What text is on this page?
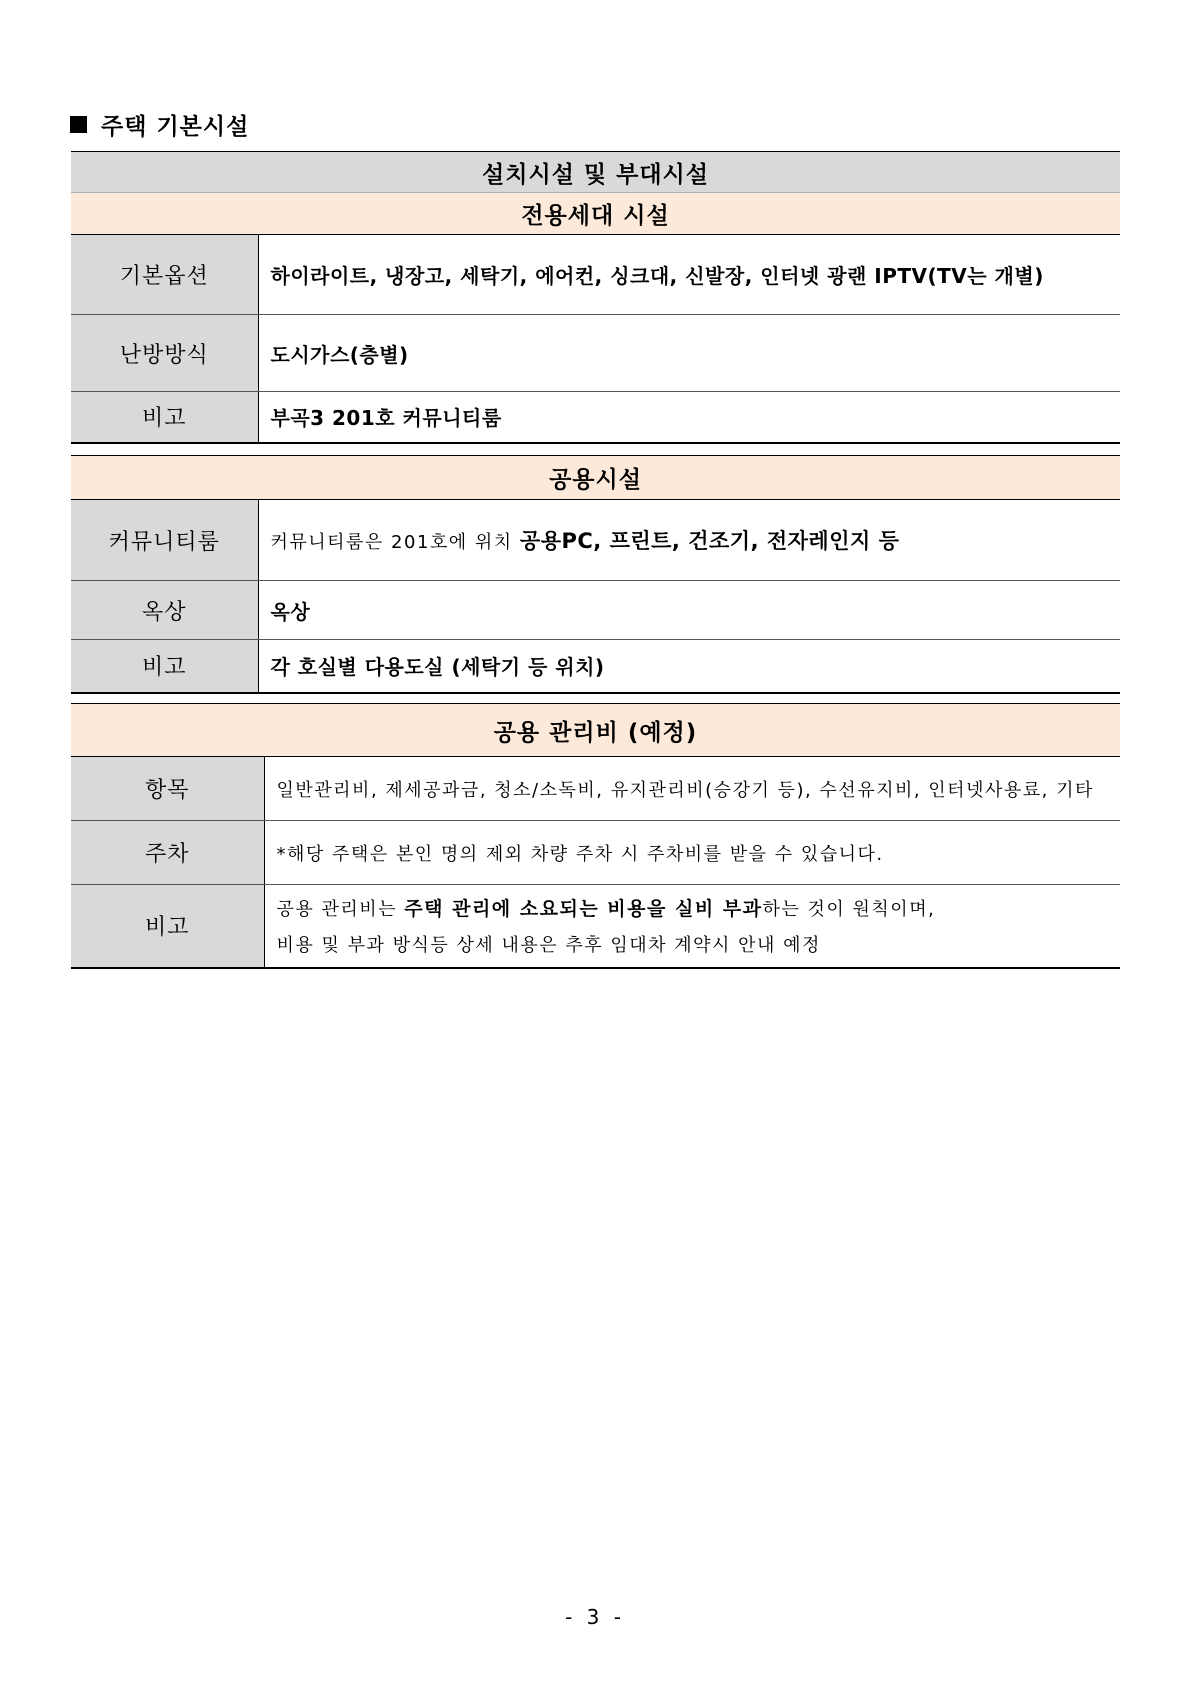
주택 기본시설
설치시설 및 부대시설	
전용세대 시설	
기본옵션	하이라이트, 냉장고, 세탁기, 에어컨, 싱크대, 신발장, 인터넷 광랜 IPTV(TV는 개별)
난방방식	도시가스(층별)
비고	부곡3 201호 커뮤니티룸
공용시설	
커뮤니티룸	커뮤니티룸은 201호에 위치 공용PC, 프린트, 건조기, 전자레인지 등
옥상	옥상
비고	각 호실별 다용도실 (세탁기 등 위치)
공용 관리비 (예정)	
항목	일반관리비, 제세공과금, 청소/소독비, 유지관리비(승강기 등), 수선유지비, 인터넷사용료, 기타
주차	*해당 주택은 본인 명의 제외 차량 주차 시 주차비를 받을 수 있습니다.
비고	공용 관리비는 주택 관리에 소요되는 비용을 실비 부과하는 것이 원칙이며,
비용 및 부과 방식등 상세 내용은 추후 임대차 계약시 안내 예정
- 3 -
